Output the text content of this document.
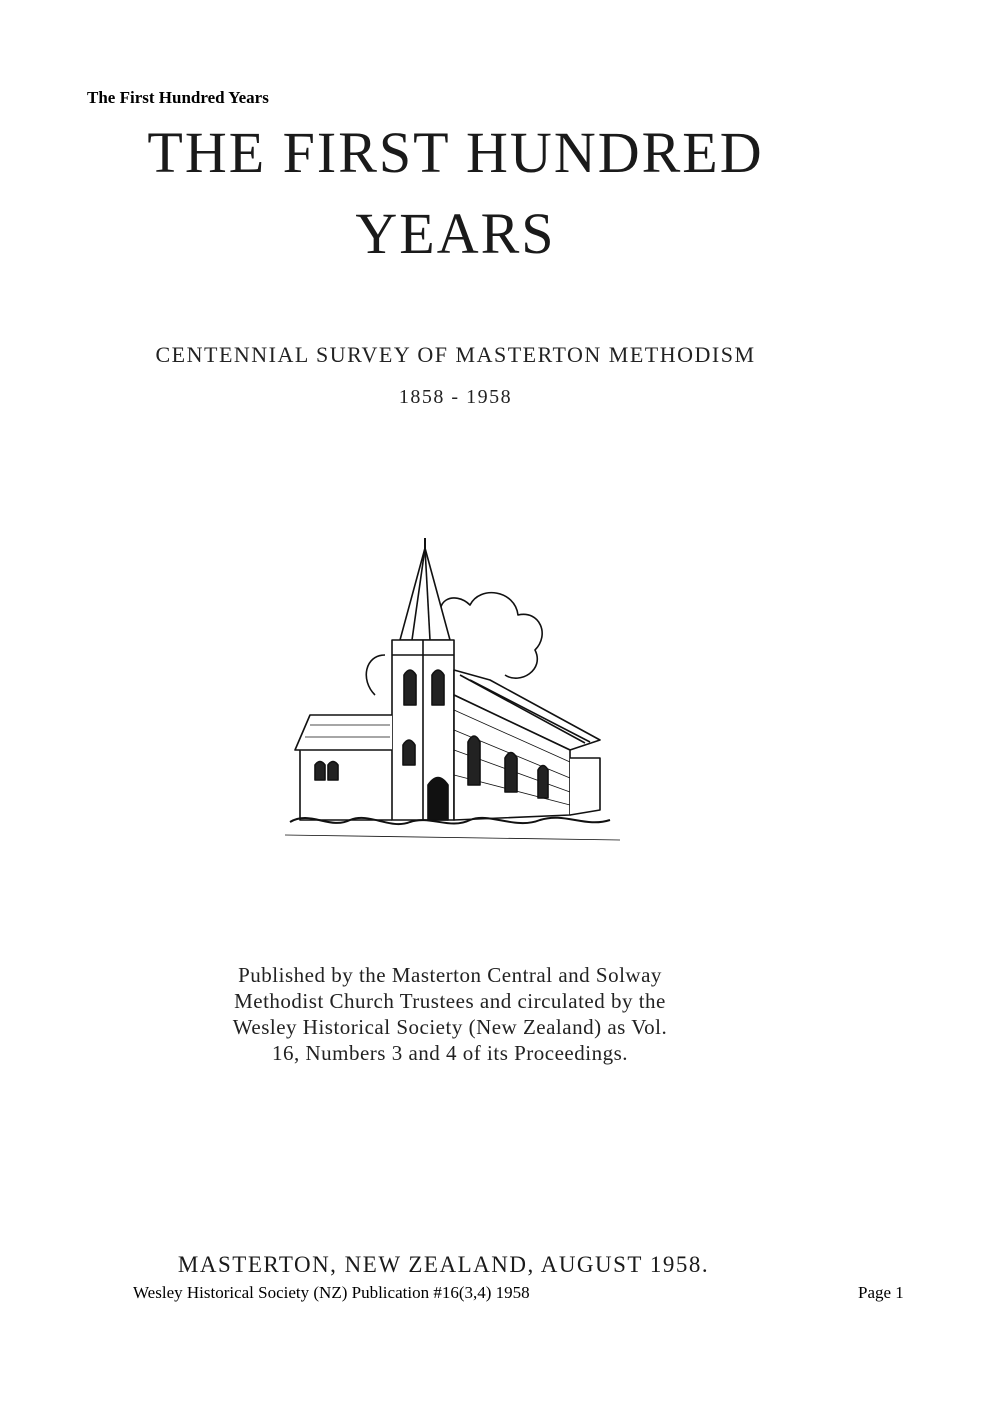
The First Hundred Years
THE FIRST HUNDRED
YEARS
CENTENNIAL SURVEY OF MASTERTON METHODISM
1858 - 1958
Published by the Masterton Central and Solway
Methodist Church Trustees and circulated by the
Wesley Historical Society (New Zealand) as Vol.
16, Numbers 3 and 4 of its Proceedings.
MASTERTON, NEW ZEALAND, AUGUST 1958.
Wesley Historical Society (NZ) Publication #16(3,4) 1958	Page 1
